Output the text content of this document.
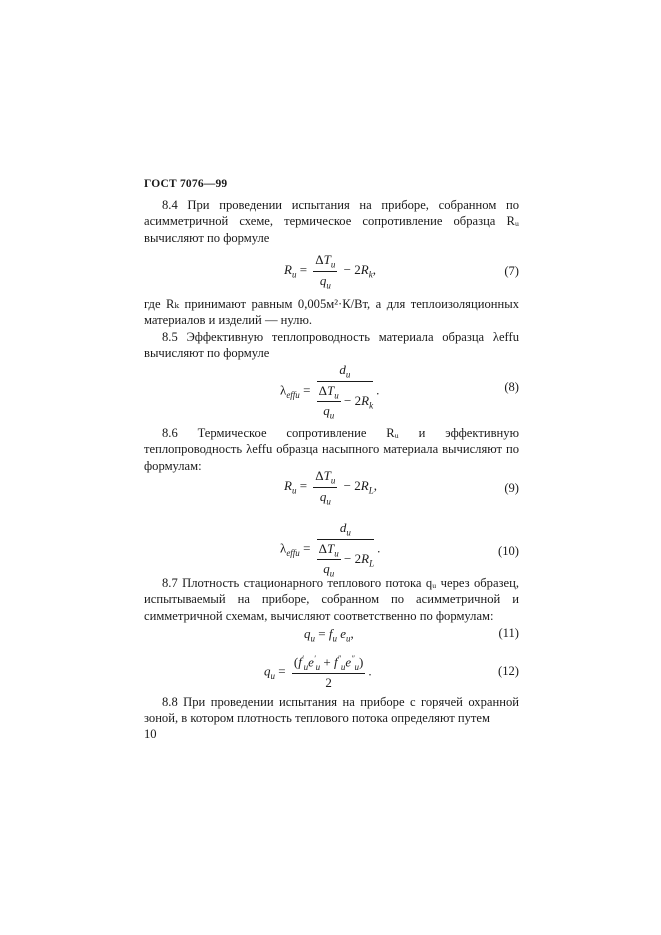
ГОСТ 7076—99

8.4 При проведении испытания на приборе, собранном по асимметричной схеме, термическое сопротивление образца Rᵤ вычисляют по формуле

$R_u = \frac{\Delta T_u}{q_u} - 2R_k$,	(7)

где Rₖ принимают равным 0,005м²·К/Вт, а для теплоизоляционных материалов и изделий — нулю.

8.5 Эффективную теплопроводность материала образца λeffu вычисляют по формуле

$\lambda_{effu} = \frac{d_u}{\frac{\Delta T_u}{q_u} - 2R_k}$ .	(8)

8.6 Термическое сопротивление Rᵤ и эффективную теплопроводность λeffu образца насыпного материала вычисляют по формулам:

$R_u = \frac{\Delta T_u}{q_u} - 2R_L$,	(9)
$\lambda_{effu} = \frac{d_u}{\frac{\Delta T_u}{q_u} - 2R_L}$ .	(10)

8.7 Плотность стационарного теплового потока qᵤ через образец, испытываемый на приборе, собранном по асимметричной и симметричной схемам, вычисляют соответственно по формулам:

$q_u = f_u$ $e_u$,	(11)
$q_u = \frac{(f'_ue'_u + f''_ue''_u)}{2}$ .	(12)

8.8 При проведении испытания на приборе с горячей охранной зоной, в котором плотность теплового потока определяют путем

10
